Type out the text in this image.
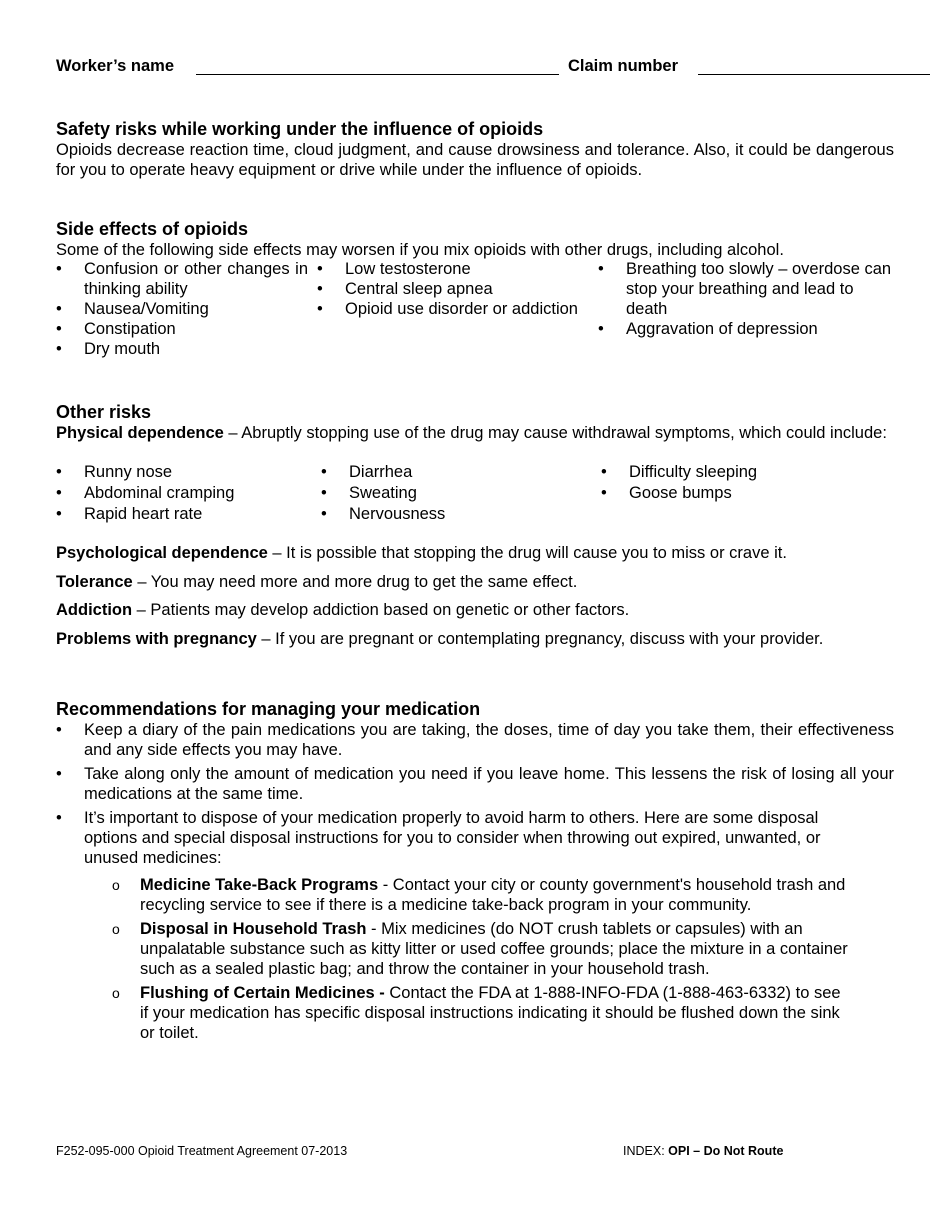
Worker’s name	Claim number
Safety risks while working under the influence of opioids

Opioids decrease reaction time, cloud judgment, and cause drowsiness and tolerance. Also, it could be dangerous for you to operate heavy equipment or drive while under the influence of opioids.

Side effects of opioids

Some of the following side effects may worsen if you mix opioids with other drugs, including alcohol.

• Confusion or other changes in thinking ability
• Nausea/Vomiting
• Constipation
• Dry mouth
• Low testosterone
• Central sleep apnea
• Opioid use disorder or addiction
• Breathing too slowly – overdose can stop your breathing and lead to death
• Aggravation of depression
Other risks

Physical dependence – Abruptly stopping use of the drug may cause withdrawal symptoms, which could include:

• Runny nose
• Abdominal cramping
• Rapid heart rate
• Diarrhea
• Sweating
• Nervousness
• Difficulty sleeping
• Goose bumps

Psychological dependence – It is possible that stopping the drug will cause you to miss or crave it.

Tolerance – You may need more and more drug to get the same effect.

Addiction – Patients may develop addiction based on genetic or other factors.

Problems with pregnancy – If you are pregnant or contemplating pregnancy, discuss with your provider.

Recommendations for managing your medication
• Keep a diary of the pain medications you are taking, the doses, time of day you take them, their effectiveness and any side effects you may have.
• Take along only the amount of medication you need if you leave home. This lessens the risk of losing all your medications at the same time.
• It’s important to dispose of your medication properly to avoid harm to others. Here are some disposal options and special disposal instructions for you to consider when throwing out expired, unwanted, or unused medicines:
o Medicine Take-Back Programs - Contact your city or county government's household trash and recycling service to see if there is a medicine take-back program in your community.
o Disposal in Household Trash - Mix medicines (do NOT crush tablets or capsules) with an unpalatable substance such as kitty litter or used coffee grounds; place the mixture in a container such as a sealed plastic bag; and throw the container in your household trash.
o Flushing of Certain Medicines - Contact the FDA at 1-888-INFO-FDA (1-888-463-6332) to see if your medication has specific disposal instructions indicating it should be flushed down the sink or toilet.
F252-095-000 Opioid Treatment Agreement 07-2013	INDEX: OPI – Do Not Route
